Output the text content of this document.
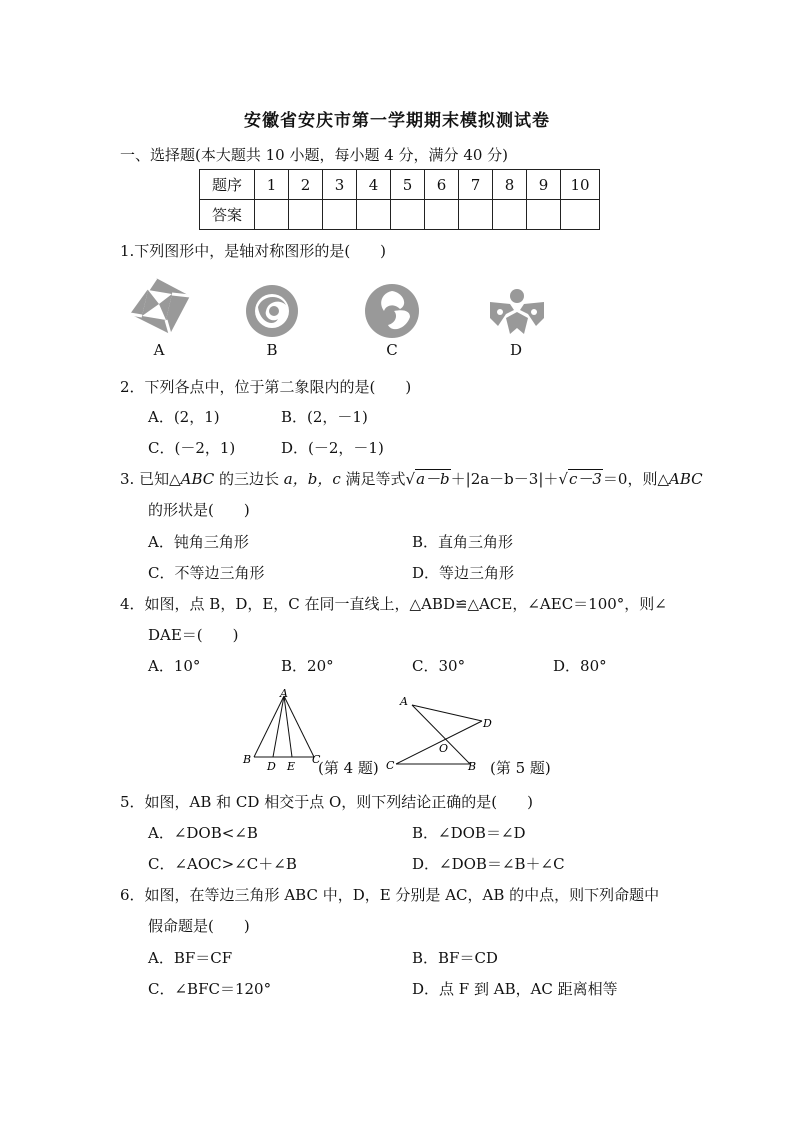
安徽省安庆市第一学期期末模拟测试卷
一、选择题(本大题共 10 小题，每小题 4 分，满分 40 分)
题序	1	2	3	4	5	6	7	8	9	10
答案										
1.下列图形中，是轴对称图形的是(　　)
A	B	C	D
2．下列各点中，位于第二象限内的是(　　)
A．(2，1)	B．(2，－1)
C．(－2，1)	D．(－2，－1)
3. 已知△ABC 的三边长 a，b，c 满足等式√a－b＋|2a－b－3|＋√c－3＝0，则△ABC
的形状是(　　)
A．钝角三角形	B．直角三角形
C．不等边三角形	D．等边三角形
4．如图，点 B，D，E，C 在同一直线上，△ABD≌△ACE，∠AEC＝100°，则∠
DAE＝(　　)
A．10°	B．20°	C．30°	D．80°
A
B
D E
C
(第 4 题)
A
D
O
C	B (第 5 题)
5．如图，AB 和 CD 相交于点 O，则下列结论正确的是(　　)
A．∠DOB<∠B	B．∠DOB＝∠D
C．∠AOC>∠C＋∠B	D．∠DOB＝∠B＋∠C
6．如图，在等边三角形 ABC 中，D，E 分别是 AC，AB 的中点，则下列命题中
假命题是(　　)
A．BF＝CF	B．BF＝CD
C．∠BFC＝120°	D．点 F 到 AB，AC 距离相等
